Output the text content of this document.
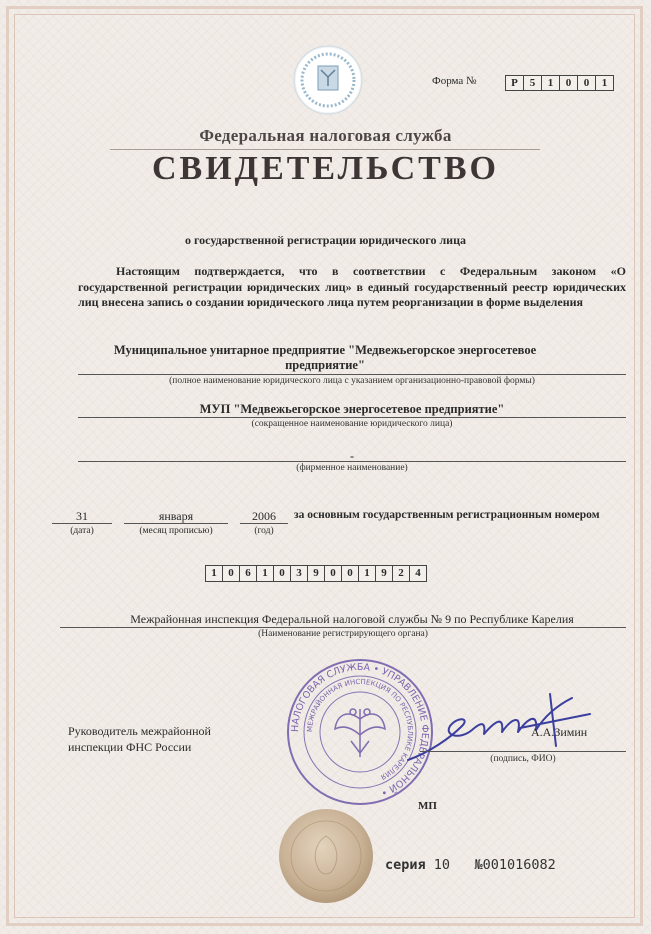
Форма №	Р	5	1	0	0	1
Федеральная налоговая служба
СВИДЕТЕЛЬСТВО
о государственной регистрации юридического лица
Настоящим подтверждается, что в соответствии с Федеральным законом «О государственной регистрации юридических лиц» в единый государственный реестр юридических лиц внесена запись о создании юридического лица путем реорганизации в форме выделения
Муниципальное унитарное предприятие "Медвежьегорское энергосетевое предприятие"
(полное наименование юридического лица с указанием организационно-правовой формы)
МУП "Медвежьегорское энергосетевое предприятие"
(сокращенное наименование юридического лица)
-
(фирменное наименование)
31
(дата)
января
(месяц прописью)
2006
(год)
за основным государственным регистрационным номером
1	0	6	1	0	3	9	0	0	1	9	2	4
Межрайонная инспекция Федеральной налоговой службы № 9 по Республике Карелия
(Наименование регистрирующего органа)
НАЛОГОВАЯ СЛУЖБА • УПРАВЛЕНИЕ ФЕДЕРАЛЬНОЙ •
МЕЖРАЙОННАЯ ИНСПЕКЦИЯ ПО РЕСПУБЛИКЕ КАРЕЛИЯ
Руководитель межрайонной
инспекции ФНС России
А.А.Зимин
(подпись, ФИО)
МП
серия 10 №001016082
